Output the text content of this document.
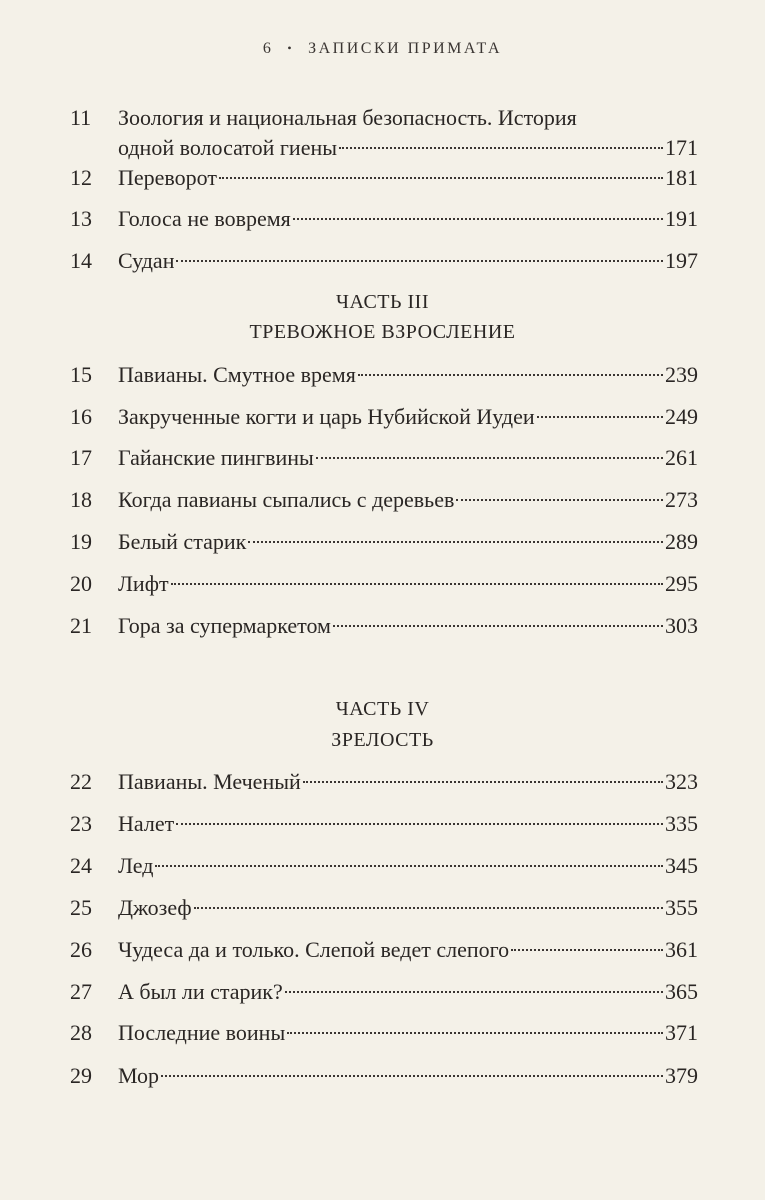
6 • ЗАПИСКИ ПРИМАТА
11	Зоология и национальная безопасность. История
одной волосатой гиены	171
12	Переворот	181
13	Голоса не вовремя	191
14	Судан	197
ЧАСТЬ III
ТРЕВОЖНОЕ ВЗРОСЛЕНИЕ
15	Павианы. Смутное время	239
16	Закрученные когти и царь Нубийской Иудеи	249
17	Гайанские пингвины	261
18	Когда павианы сыпались с деревьев	273
19	Белый старик	289
20	Лифт	295
21	Гора за супермаркетом	303
ЧАСТЬ IV
ЗРЕЛОСТЬ
22	Павианы. Меченый	323
23	Налет	335
24	Лед	345
25	Джозеф	355
26	Чудеса да и только. Слепой ведет слепого	361
27	А был ли старик?	365
28	Последние воины	371
29	Мор	379
